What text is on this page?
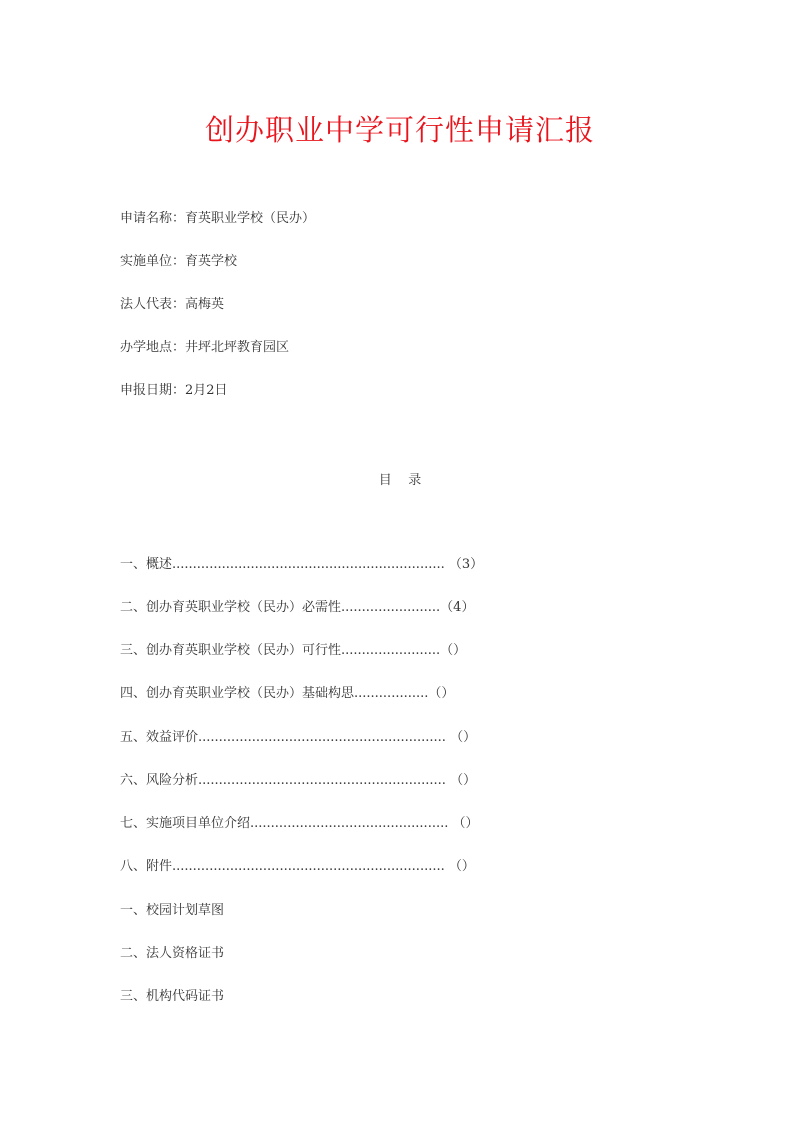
创办职业中学可行性申请汇报
申请名称：育英职业学校（民办）
实施单位：育英学校
法人代表：高梅英
办学地点：井坪北坪教育园区
申报日期：2月2日
目    录
一、概述.................................................................. （3）
二、创办育英职业学校（民办）必需性........................（4）
三、创办育英职业学校（民办）可行性........................（）
四、创办育英职业学校（民办）基础构思..................（）
五、效益评价............................................................ （）
六、风险分析............................................................ （）
七、实施项目单位介绍................................................ （）
八、附件.................................................................. （）
一、校园计划草图
二、法人资格证书
三、机构代码证书
